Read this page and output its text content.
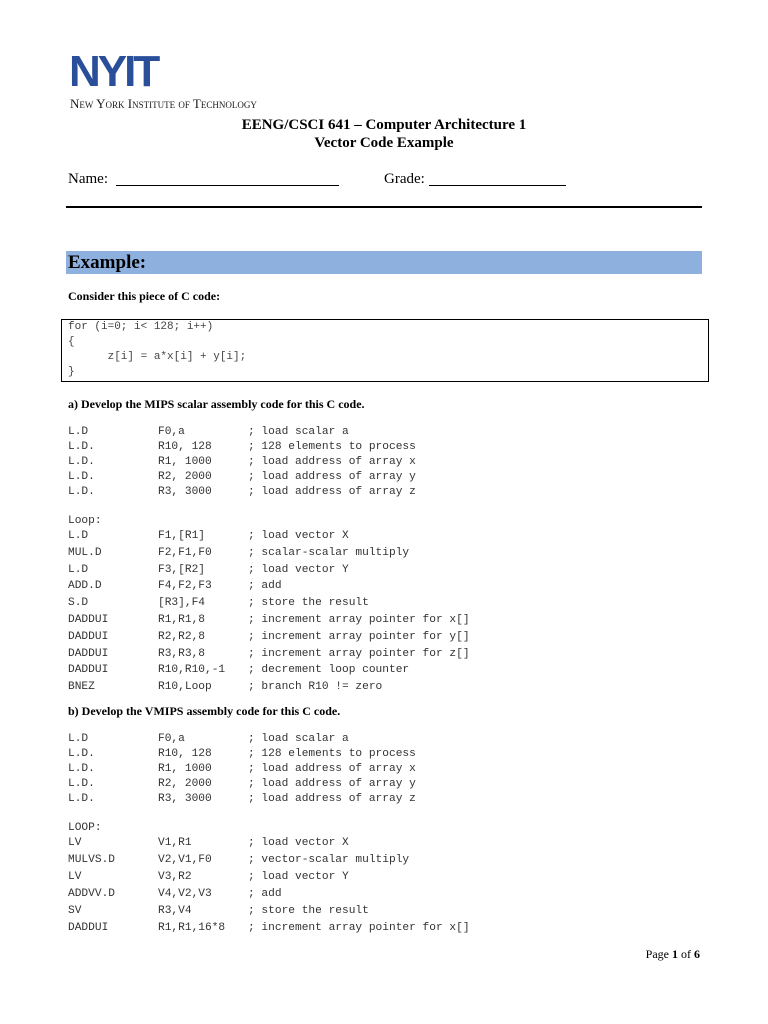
NYIT
New York Institute of Technology
EENG/CSCI 641 – Computer Architecture 1
Vector Code Example
Name:	Grade:
Example:
Consider this piece of C code:
for (i=0; i< 128; i++)
{
z[i] = a*x[i] + y[i];
}
a) Develop the MIPS scalar assembly code for this C code.
L.D	F0,a	; load scalar a
L.D.	R10, 128	; 128 elements to process
L.D.	R1, 1000	; load address of array x
L.D.	R2, 2000	; load address of array y
L.D.	R3, 3000	; load address of array z
Loop:
L.D	F1,[R1]	; load vector X
MUL.D	F2,F1,F0	; scalar-scalar multiply
L.D	F3,[R2]	; load vector Y
ADD.D	F4,F2,F3	; add
S.D	[R3],F4	; store the result
DADDUI	R1,R1,8	; increment array pointer for x[]
DADDUI	R2,R2,8	; increment array pointer for y[]
DADDUI	R3,R3,8	; increment array pointer for z[]
DADDUI	R10,R10,-1 ; decrement loop counter
BNEZ	R10,Loop	; branch R10 != zero
b) Develop the VMIPS assembly code for this C code.
L.D	F0,a	; load scalar a
L.D.	R10, 128	; 128 elements to process
L.D.	R1, 1000	; load address of array x
L.D.	R2, 2000	; load address of array y
L.D.	R3, 3000	; load address of array z
LOOP:
LV	V1,R1	; load vector X
MULVS.D	V2,V1,F0	; vector-scalar multiply
LV	V3,R2	; load vector Y
ADDVV.D	V4,V2,V3	; add
SV	R3,V4	; store the result
DADDUI	R1,R1,16*8 ; increment array pointer for x[]
Page 1 of 6
